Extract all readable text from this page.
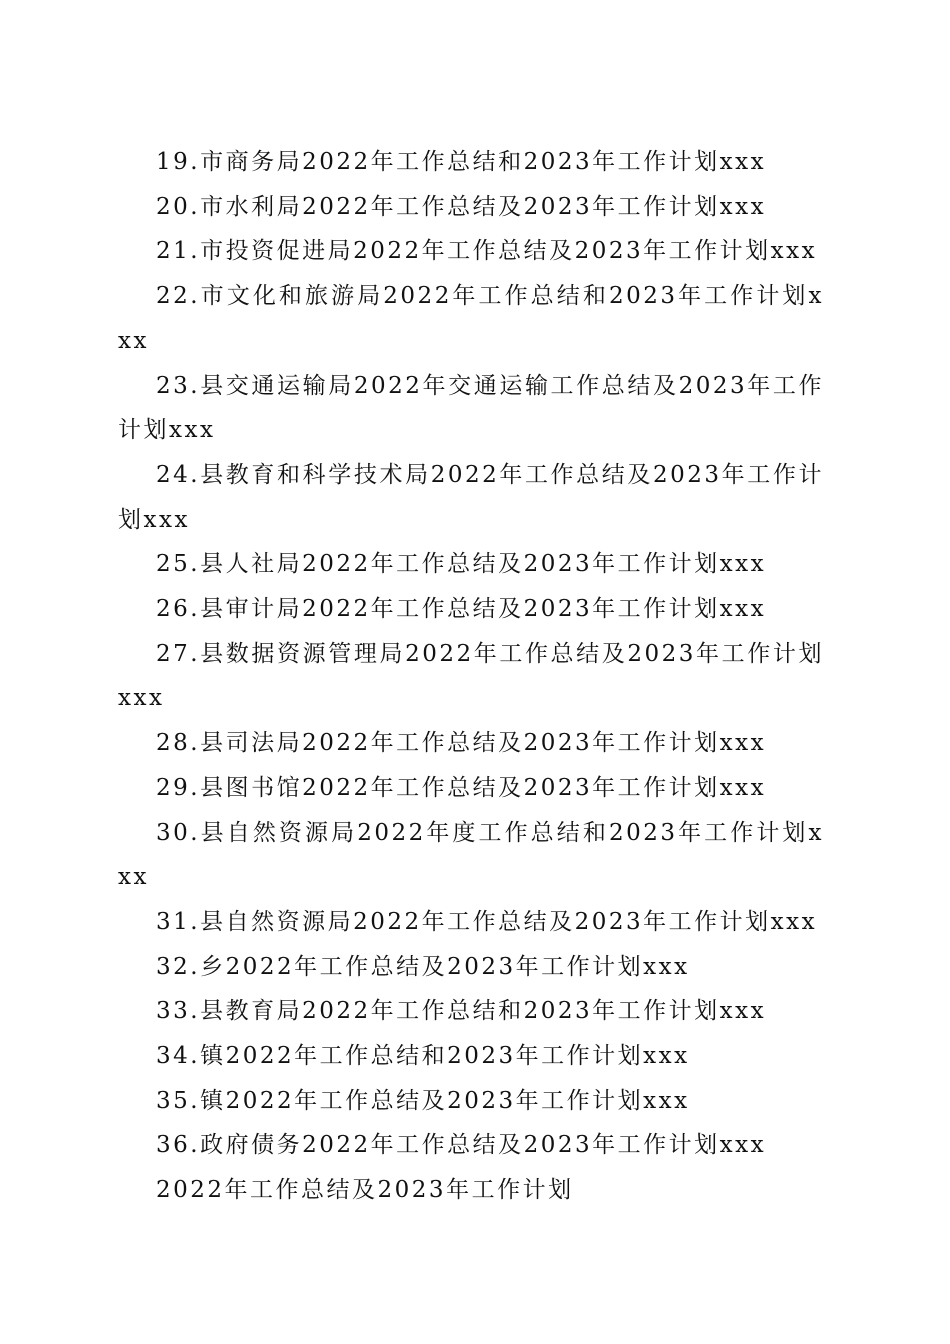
19.市商务局2022年工作总结和2023年工作计划xxx

20.市水利局2022年工作总结及2023年工作计划xxx

21.市投资促进局2022年工作总结及2023年工作计划xxx

22.市文化和旅游局2022年工作总结和2023年工作计划xxx

23.县交通运输局2022年交通运输工作总结及2023年工作计划xxx

24.县教育和科学技术局2022年工作总结及2023年工作计划xxx

25.县人社局2022年工作总结及2023年工作计划xxx

26.县审计局2022年工作总结及2023年工作计划xxx

27.县数据资源管理局2022年工作总结及2023年工作计划xxx

28.县司法局2022年工作总结及2023年工作计划xxx

29.县图书馆2022年工作总结及2023年工作计划xxx

30.县自然资源局2022年度工作总结和2023年工作计划xxx

31.县自然资源局2022年工作总结及2023年工作计划xxx

32.乡2022年工作总结及2023年工作计划xxx

33.县教育局2022年工作总结和2023年工作计划xxx

34.镇2022年工作总结和2023年工作计划xxx

35.镇2022年工作总结及2023年工作计划xxx

36.政府债务2022年工作总结及2023年工作计划xxx

2022年工作总结及2023年工作计划
